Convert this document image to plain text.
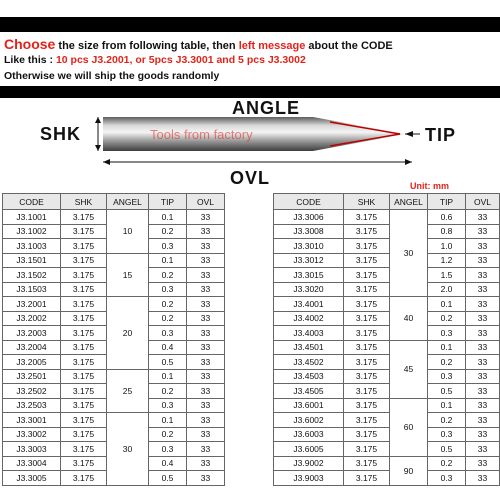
Choose the size from following table, then left message about the CODE
Like this : 10 pcs J3.2001, or 5pcs J3.3001 and 5 pcs J3.3002
Otherwise we will ship the goods randomly
Tools from factory
ANGLE
SHK	TIP
OVL	Unit: mm
CODE	SHK	ANGEL	TIP	OVL
J3.1001	3.175	10	0.1	33
J3.1002	3.175		0.2	33
J3.1003	3.175		0.3	33
J3.1501	3.175	15	0.1	33
J3.1502	3.175		0.2	33
J3.1503	3.175		0.3	33
J3.2001	3.175	20	0.2	33
J3.2002	3.175		0.2	33
J3.2003	3.175		0.3	33
J3.2004	3.175		0.4	33
J3.2005	3.175		0.5	33
J3.2501	3.175	25	0.1	33
J3.2502	3.175		0.2	33
J3.2503	3.175		0.3	33
J3.3001	3.175	30	0.1	33
J3.3002	3.175		0.2	33
J3.3003	3.175		0.3	33
J3.3004	3.175		0.4	33
J3.3005	3.175		0.5	33
CODE	SHK	ANGEL	TIP	OVL
J3.3006	3.175	30	0.6	33
J3.3008	3.175		0.8	33
J3.3010	3.175		1.0	33
J3.3012	3.175		1.2	33
J3.3015	3.175		1.5	33
J3.3020	3.175		2.0	33
J3.4001	3.175	40	0.1	33
J3.4002	3.175		0.2	33
J3.4003	3.175		0.3	33
J3.4501	3.175	45	0.1	33
J3.4502	3.175		0.2	33
J3.4503	3.175		0.3	33
J3.4505	3.175		0.5	33
J3.6001	3.175	60	0.1	33
J3.6002	3.175		0.2	33
J3.6003	3.175		0.3	33
J3.6005	3.175		0.5	33
J3.9002	3.175	90	0.2	33
J3.9003	3.175		0.3	33
